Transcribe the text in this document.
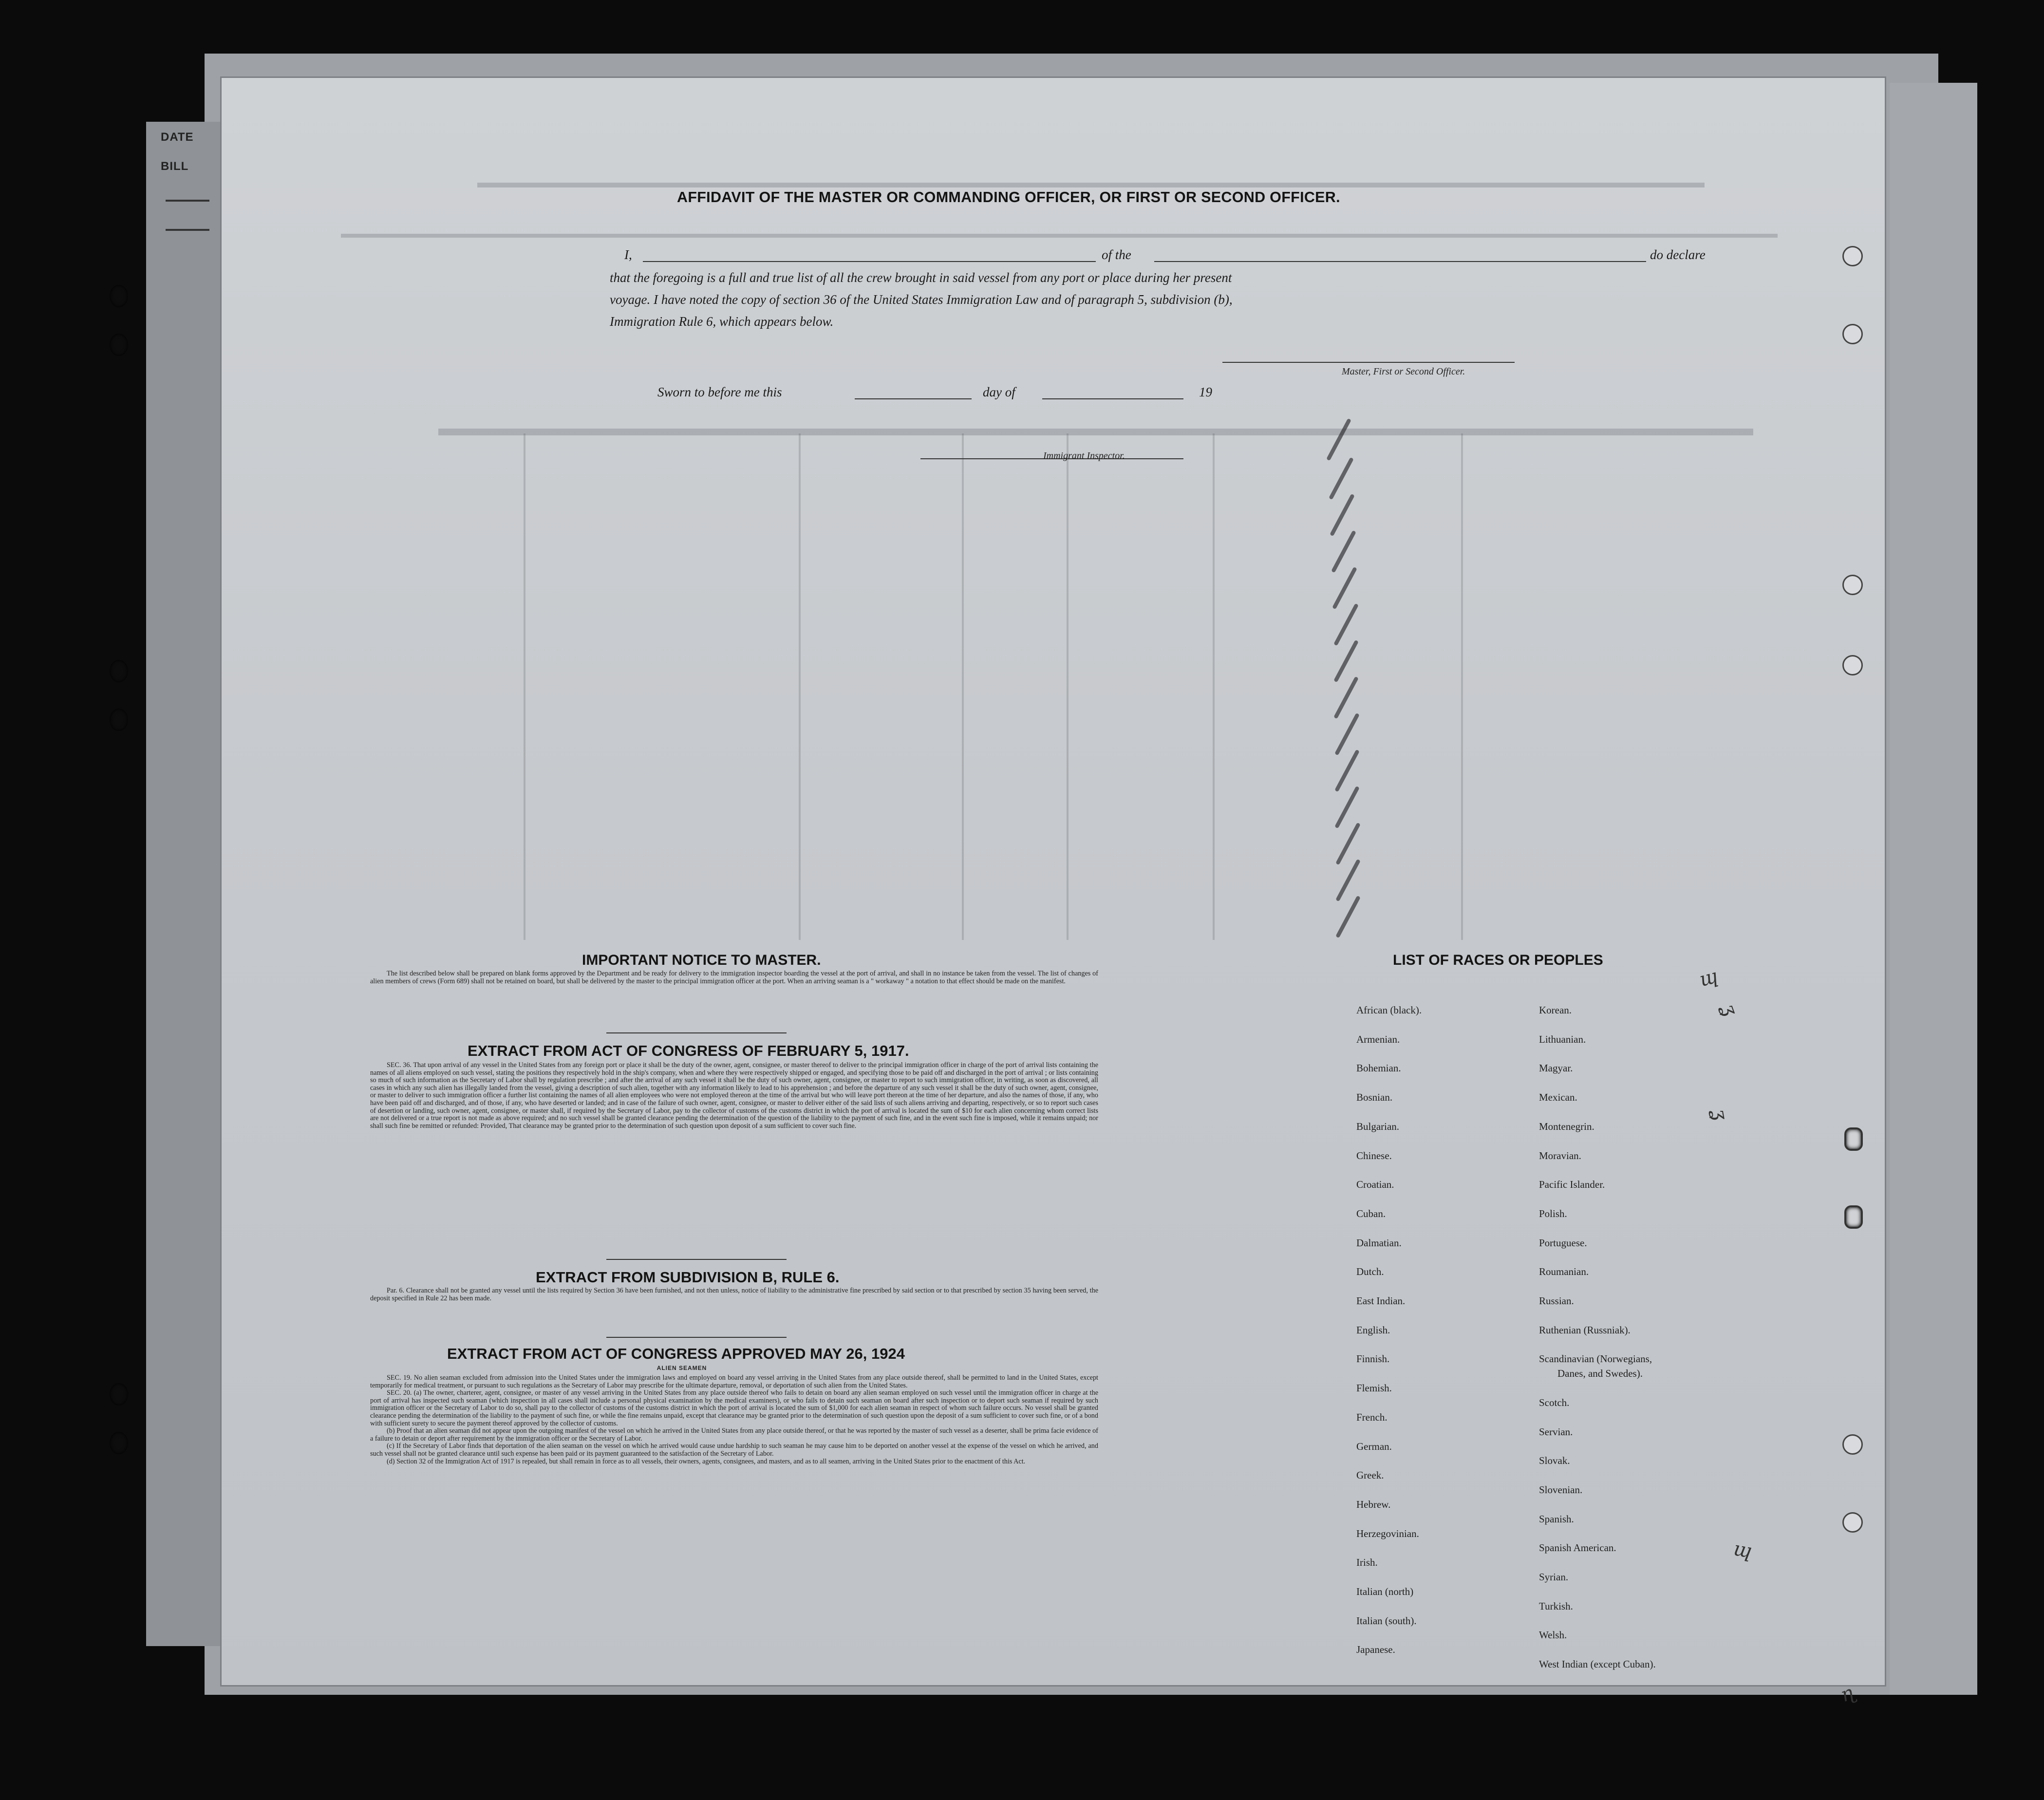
DATE
BILL
AFFIDAVIT OF THE MASTER OR COMMANDING OFFICER, OR FIRST OR SECOND OFFICER.
I,	of the	do declare
that the foregoing is a full and true list of all the crew brought in said vessel from any port or place during her present
voyage. I have noted the copy of section 36 of the United States Immigration Law and of paragraph 5, subdivision (b),
Immigration Rule 6, which appears below.
Master, First or Second Officer.
Sworn to before me this	day of	19
Immigrant Inspector.
IMPORTANT NOTICE TO MASTER.

The list described below shall be prepared on blank forms approved by the Department and be ready for delivery to the immigration inspector boarding the vessel at the port of arrival, and shall in no instance be taken from the vessel. The list of changes of alien members of crews (Form 689) shall not be retained on board, but shall be delivered by the master to the principal immigration officer at the port. When an arriving seaman is a " workaway " a notation to that effect should be made on the manifest.

EXTRACT FROM ACT OF CONGRESS OF FEBRUARY 5, 1917.

SEC. 36. That upon arrival of any vessel in the United States from any foreign port or place it shall be the duty of the owner, agent, consignee, or master thereof to deliver to the principal immigration officer in charge of the port of arrival lists containing the names of all aliens employed on such vessel, stating the positions they respectively hold in the ship's company, when and where they were respectively shipped or engaged, and specifying those to be paid off and discharged in the port of arrival ; or lists containing so much of such information as the Secretary of Labor shall by regulation prescribe ; and after the arrival of any such vessel it shall be the duty of such owner, agent, consignee, or master to report to such immigration officer, in writing, as soon as discovered, all cases in which any such alien has illegally landed from the vessel, giving a description of such alien, together with any information likely to lead to his apprehension ; and before the departure of any such vessel it shall be the duty of such owner, agent, consignee, or master to deliver to such immigration officer a further list containing the names of all alien employees who were not employed thereon at the time of the arrival but who will leave port thereon at the time of her departure, and also the names of those, if any, who have been paid off and discharged, and of those, if any, who have deserted or landed; and in case of the failure of such owner, agent, consignee, or master to deliver either of the said lists of such aliens arriving and departing, respectively, or so to report such cases of desertion or landing, such owner, agent, consignee, or master shall, if required by the Secretary of Labor, pay to the collector of customs of the customs district in which the port of arrival is located the sum of $10 for each alien concerning whom correct lists are not delivered or a true report is not made as above required; and no such vessel shall be granted clearance pending the determination of the question of the liability to the payment of such fine, and in the event such fine is imposed, while it remains unpaid; nor shall such fine be remitted or refunded: Provided, That clearance may be granted prior to the determination of such question upon deposit of a sum sufficient to cover such fine.

EXTRACT FROM SUBDIVISION B, RULE 6.

Par. 6. Clearance shall not be granted any vessel until the lists required by Section 36 have been furnished, and not then unless, notice of liability to the administrative fine prescribed by said section or to that prescribed by section 35 having been served, the deposit specified in Rule 22 has been made.

EXTRACT FROM ACT OF CONGRESS APPROVED MAY 26, 1924
ALIEN SEAMEN

SEC. 19. No alien seaman excluded from admission into the United States under the immigration laws and employed on board any vessel arriving in the United States from any place outside thereof, shall be permitted to land in the United States, except temporarily for medical treatment, or pursuant to such regulations as the Secretary of Labor may prescribe for the ultimate departure, removal, or deportation of such alien from the United States.

SEC. 20. (a) The owner, charterer, agent, consignee, or master of any vessel arriving in the United States from any place outside thereof who fails to detain on board any alien seaman employed on such vessel until the immigration officer in charge at the port of arrival has inspected such seaman (which inspection in all cases shall include a personal physical examination by the medical examiners), or who fails to detain such seaman on board after such inspection or to deport such seaman if required by such immigration officer or the Secretary of Labor to do so, shall pay to the collector of customs of the customs district in which the port of arrival is located the sum of $1,000 for each alien seaman in respect of whom such failure occurs. No vessel shall be granted clearance pending the determination of the liability to the payment of such fine, or while the fine remains unpaid, except that clearance may be granted prior to the determination of such question upon the deposit of a sum sufficient to cover such fine, or of a bond with sufficient surety to secure the payment thereof approved by the collector of customs.

(b) Proof that an alien seaman did not appear upon the outgoing manifest of the vessel on which he arrived in the United States from any place outside thereof, or that he was reported by the master of such vessel as a deserter, shall be prima facie evidence of a failure to detain or deport after requirement by the immigration officer or the Secretary of Labor.

(c) If the Secretary of Labor finds that deportation of the alien seaman on the vessel on which he arrived would cause undue hardship to such seaman he may cause him to be deported on another vessel at the expense of the vessel on which he arrived, and such vessel shall not be granted clearance until such expense has been paid or its payment guaranteed to the satisfaction of the Secretary of Labor.

(d) Section 32 of the Immigration Act of 1917 is repealed, but shall remain in force as to all vessels, their owners, agents, consignees, and masters, and as to all seamen, arriving in the United States prior to the enactment of this Act.

LIST OF RACES OR PEOPLES
African (black).
Armenian.
Bohemian.
Bosnian.
Bulgarian.
Chinese.
Croatian.
Cuban.
Dalmatian.
Dutch.
East Indian.
English.
Finnish.
Flemish.
French.
German.
Greek.
Hebrew.
Herzegovinian.
Irish.
Italian (north)
Italian (south).
Japanese.
Korean.
Lithuanian.
Magyar.
Mexican.
Montenegrin.
Moravian.
Pacific Islander.
Polish.
Portuguese.
Roumanian.
Russian.
Ruthenian (Russniak).
Scandinavian (Norwegians,
Danes, and Swedes).
Scotch.
Servian.
Slovak.
Slovenian.
Spanish.
Spanish American.
Syrian.
Turkish.
Welsh.
West Indian (except Cuban).
ɰ
ʓ
ʓ
ɰ
ɳ
